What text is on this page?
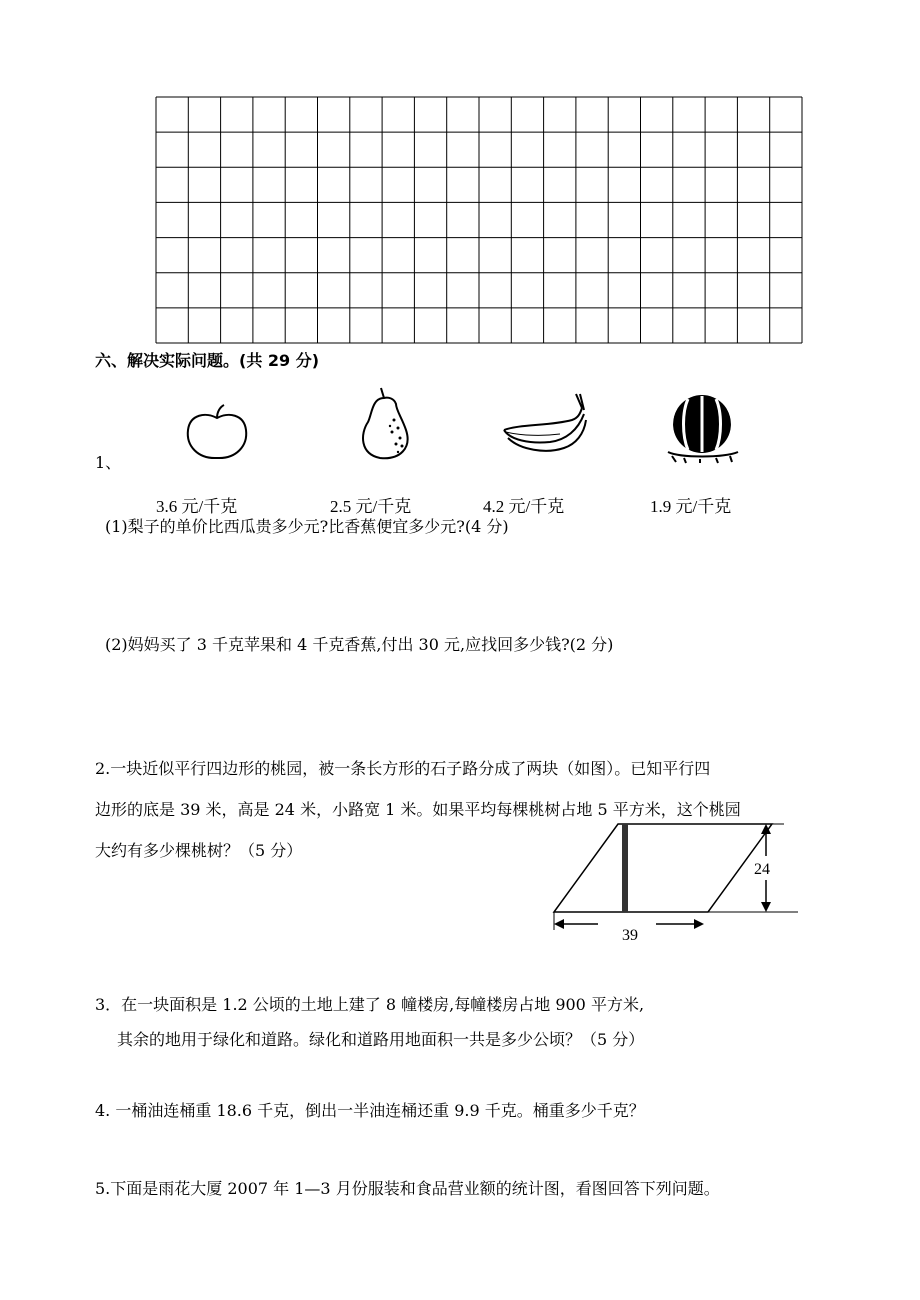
六、解决实际问题。(共 29 分)
1、
3.6 元/千克	2.5 元/千克	4.2 元/千克	1.9 元/千克
(1)梨子的单价比西瓜贵多少元?比香蕉便宜多少元?(4 分)
(2)妈妈买了 3 千克苹果和 4 千克香蕉,付出 30 元,应找回多少钱?(2 分)
2.一块近似平行四边形的桃园，被一条长方形的石子路分成了两块（如图）。已知平行四
边形的底是 39 米，高是 24 米，小路宽 1 米。如果平均每棵桃树占地 5 平方米，这个桃园
大约有多少棵桃树？（5 分）
24
39
3．在一块面积是 1.2 公顷的土地上建了 8 幢楼房,每幢楼房占地 900 平方米,
其余的地用于绿化和道路。绿化和道路用地面积一共是多少公顷？（5 分）
4. 一桶油连桶重 18.6 千克，倒出一半油连桶还重 9.9 千克。桶重多少千克？
5.下面是雨花大厦 2007 年 1—3 月份服装和食品营业额的统计图，看图回答下列问题。
